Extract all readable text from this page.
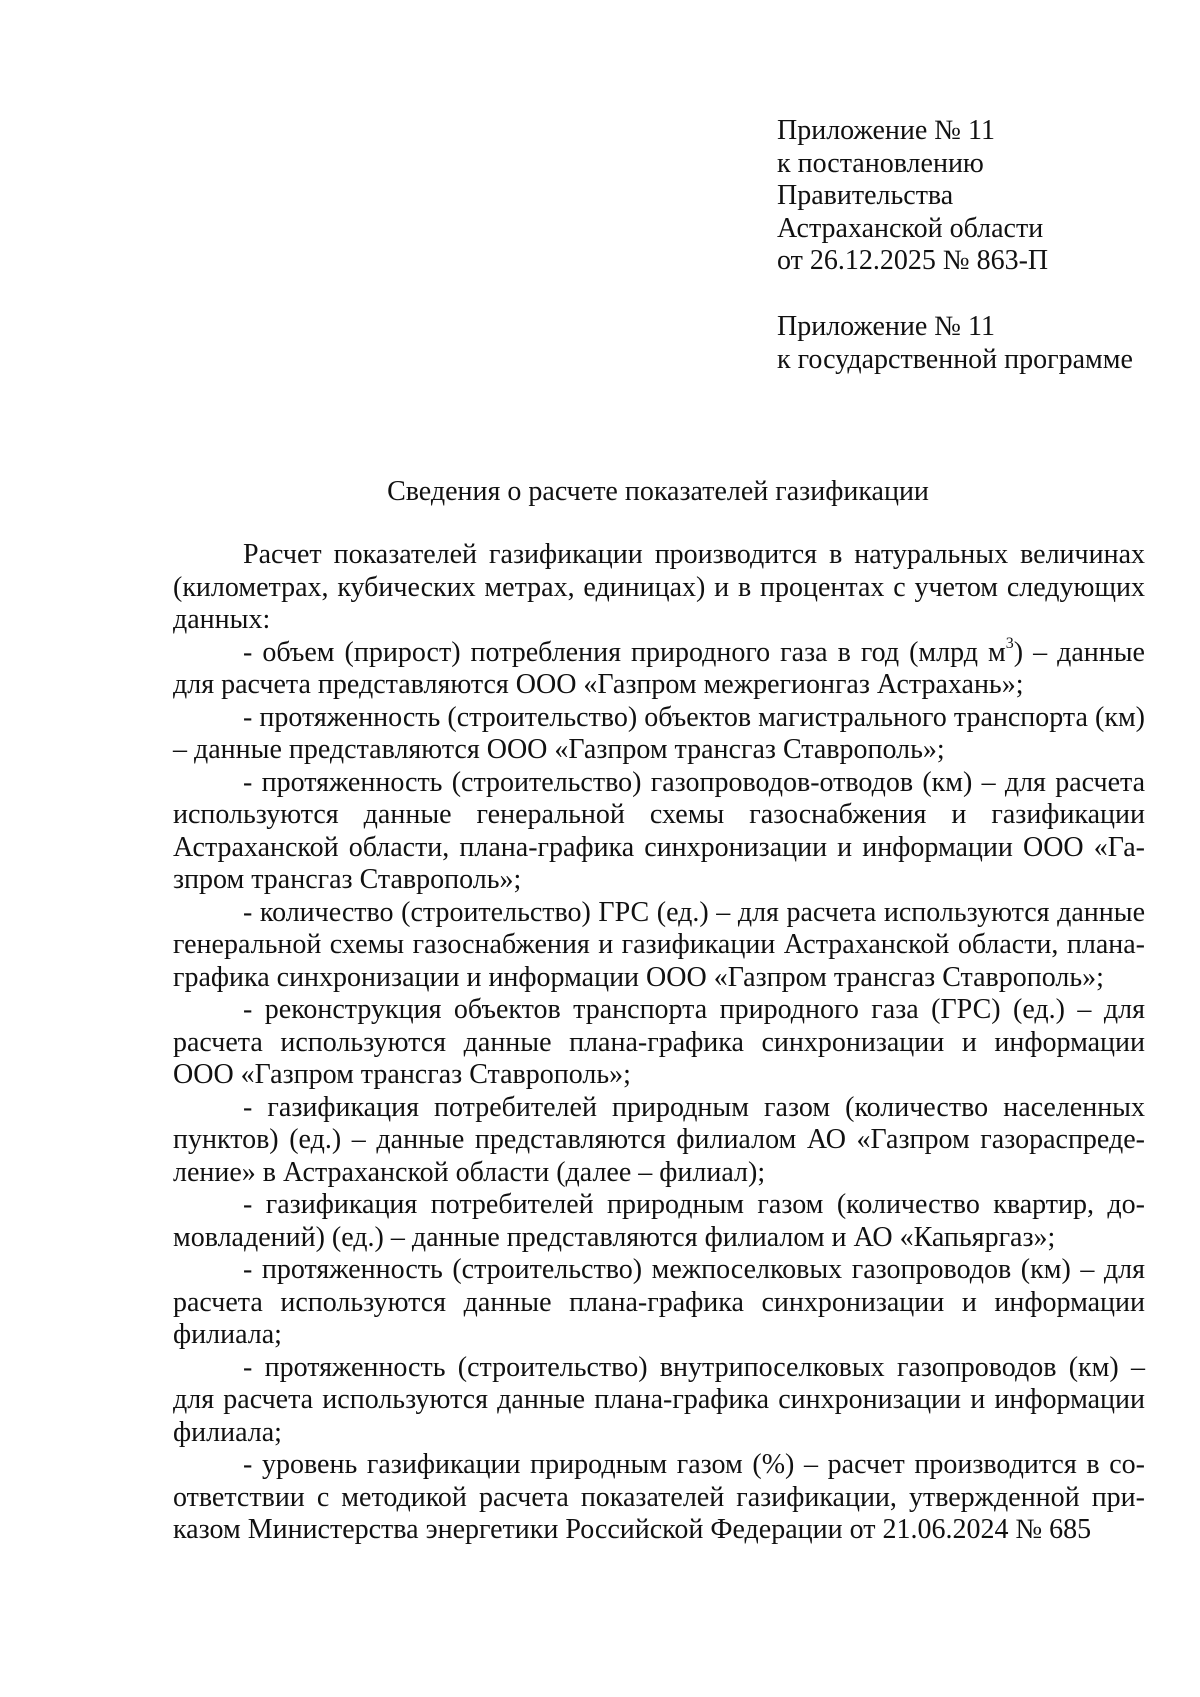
Приложение № 11
к постановлению
Правительства
Астраханской области
от 26.12.2025 № 863-П
Приложение № 11
к государственной программе
Сведения о расчете показателей газификации

Расчет показателей газификации производится в натуральных величинах (километрах, кубических метрах, единицах) и в процентах с учетом следующих данных:

- объем (прирост) потребления природного газа в год (млрд $м^3$) – данные для расчета представляются ООО «Газпром межрегионгаз Астрахань»;

- протяженность (строительство) объектов магистрального транспорта (км) – данные представляются ООО «Газпром трансгаз Ставрополь»;

- протяженность (строительство) газопроводов-отводов (км) – для расчета используются данные генеральной схемы газоснабжения и газификации Астраханской области, плана-графика синхронизации и информации ООО «Газпром трансгаз Ставрополь»;

- количество (строительство) ГРС (ед.) – для расчета используются данные генеральной схемы газоснабжения и газификации Астраханской области, плана-графика синхронизации и информации ООО «Газпром трансгаз Ставрополь»;

- реконструкция объектов транспорта природного газа (ГРС) (ед.) – для расчета используются данные плана-графика синхронизации и информации ООО «Газпром трансгаз Ставрополь»;

- газификация потребителей природным газом (количество населенных пунктов) (ед.) – данные представляются филиалом АО «Газпром газораспределение» в Астраханской области (далее – филиал);

- газификация потребителей природным газом (количество квартир, домовладений) (ед.) – данные представляются филиалом и АО «Капьяргаз»;

- протяженность (строительство) межпоселковых газопроводов (км) – для расчета используются данные плана-графика синхронизации и информации филиала;

- протяженность (строительство) внутрипоселковых газопроводов (км) – для расчета используются данные плана-графика синхронизации и информации филиала;

- уровень газификации природным газом (%) – расчет производится в соответствии с методикой расчета показателей газификации, утвержденной приказом Министерства энергетики Российской Федерации от 21.06.2024 № 685
